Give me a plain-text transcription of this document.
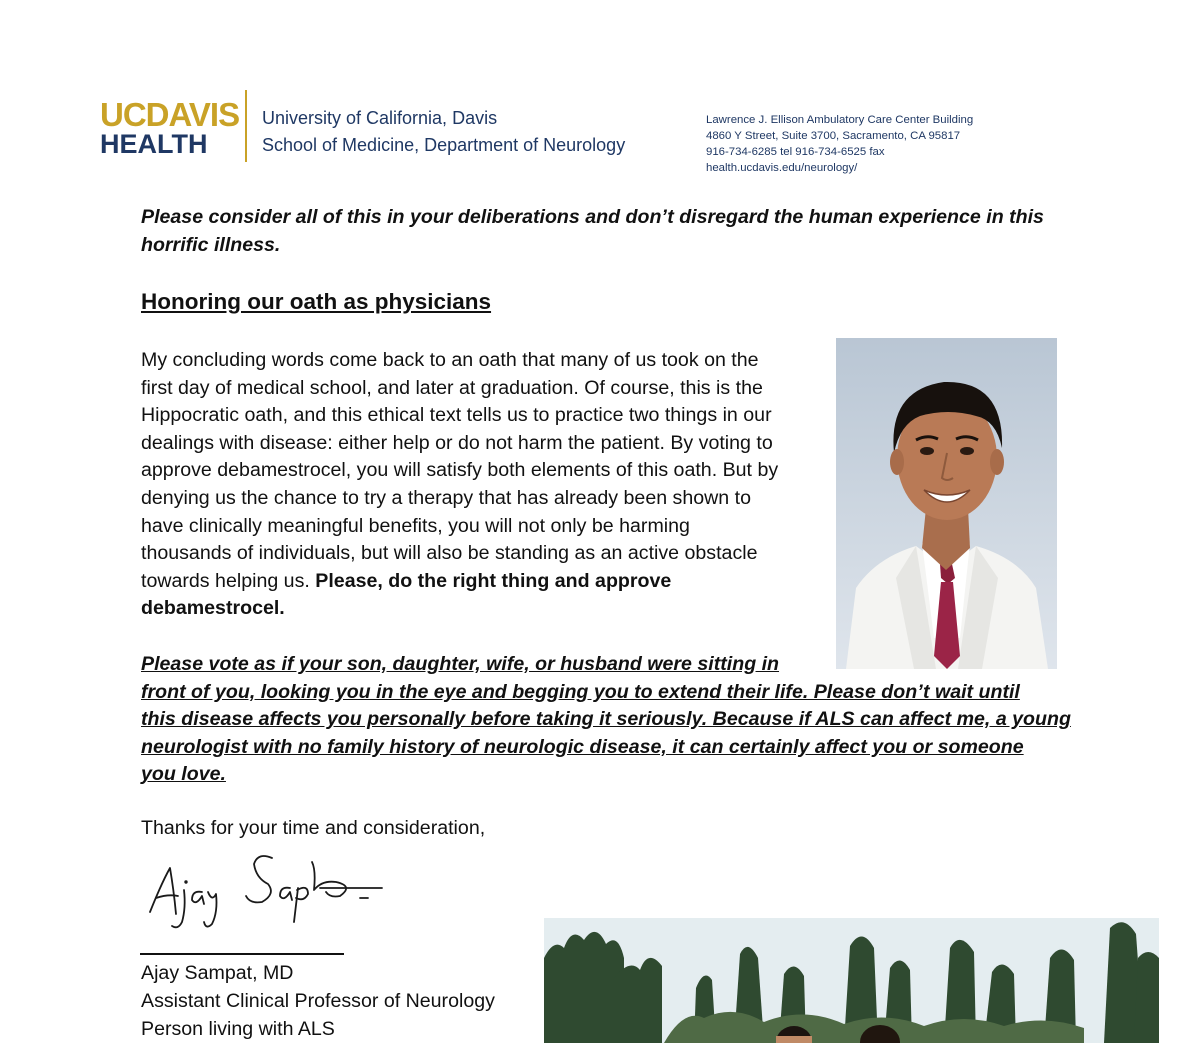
UCDAVIS
HEALTH
University of California, Davis
School of Medicine, Department of Neurology
Lawrence J. Ellison Ambulatory Care Center Building
4860 Y Street, Suite 3700, Sacramento, CA 95817
916-734-6285 tel 916-734-6525 fax
health.ucdavis.edu/neurology/
Please consider all of this in your deliberations and don’t disregard the human experience in this
horrific illness.
Honoring our oath as physicians
My concluding words come back to an oath that many of us took on the
first day of medical school, and later at graduation. Of course, this is the
Hippocratic oath, and this ethical text tells us to practice two things in our
dealings with disease: either help or do not harm the patient. By voting to
approve debamestrocel, you will satisfy both elements of this oath. But by
denying us the chance to try a therapy that has already been shown to
have clinically meaningful benefits, you will not only be harming
thousands of individuals, but will also be standing as an active obstacle
towards helping us. Please, do the right thing and approve
debamestrocel.
Please vote as if your son, daughter, wife, or husband were sitting in
front of you, looking you in the eye and begging you to extend their life. Please don’t wait until
this disease affects you personally before taking it seriously. Because if ALS can affect me, a young
neurologist with no family history of neurologic disease, it can certainly affect you or someone
you love.
Thanks for your time and consideration,
Ajay Sampat, MD
Assistant Clinical Professor of Neurology
Person living with ALS
